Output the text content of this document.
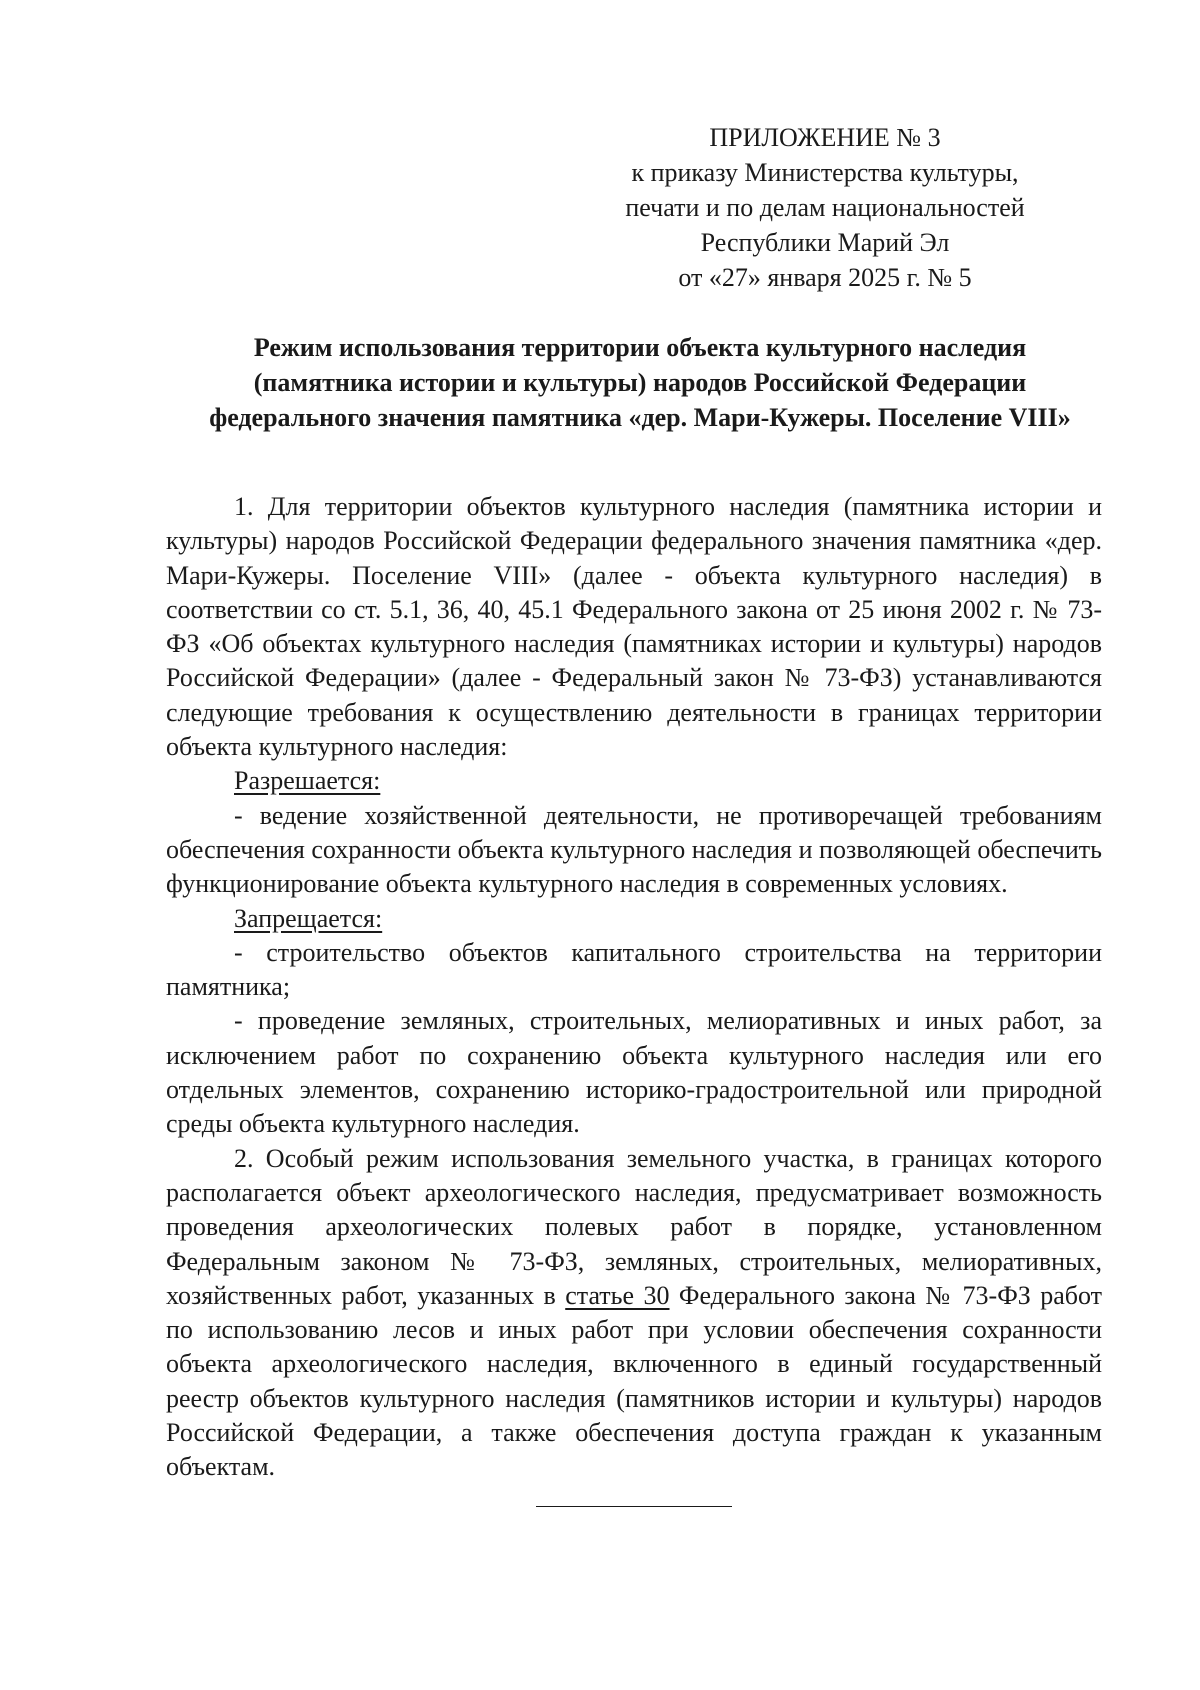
ПРИЛОЖЕНИЕ № 3
к приказу Министерства культуры,
печати и по делам национальностей
Республики Марий Эл
от «27» января 2025 г. № 5
Режим использования территории объекта культурного наследия
(памятника истории и культуры) народов Российской Федерации
федерального значения памятника «дер. Мари-Кужеры. Поселение VIII»

1. Для территории объектов культурного наследия (памятника истории и культуры) народов Российской Федерации федерального значения памятника «дер. Мари-Кужеры. Поселение VIII» (далее - объекта культурного наследия) в соответствии со ст. 5.1, 36, 40, 45.1 Федерального закона от 25 июня 2002 г. № 73-ФЗ «Об объектах культурного наследия (памятниках истории и культуры) народов Российской Федерации» (далее - Федеральный закон № 73-ФЗ) устанавливаются следующие требования к осуществлению деятельности в границах территории объекта культурного наследия:

Разрешается:

- ведение хозяйственной деятельности, не противоречащей требованиям обеспечения сохранности объекта культурного наследия и позволяющей обеспечить функционирование объекта культурного наследия в современных условиях.

Запрещается:

- строительство объектов капитального строительства на территории памятника;

- проведение земляных, строительных, мелиоративных и иных работ, за исключением работ по сохранению объекта культурного наследия или его отдельных элементов, сохранению историко-градостроительной или природной среды объекта культурного наследия.

2. Особый режим использования земельного участка, в границах которого располагается объект археологического наследия, предусматривает возможность проведения археологических полевых работ в порядке, установленном Федеральным законом № 73-ФЗ, земляных, строительных, мелиоративных, хозяйственных работ, указанных в статье 30 Федерального закона № 73-ФЗ работ по использованию лесов и иных работ при условии обеспечения сохранности объекта археологического наследия, включенного в единый государственный реестр объектов культурного наследия (памятников истории и культуры) народов Российской Федерации, а также обеспечения доступа граждан к указанным объектам.
